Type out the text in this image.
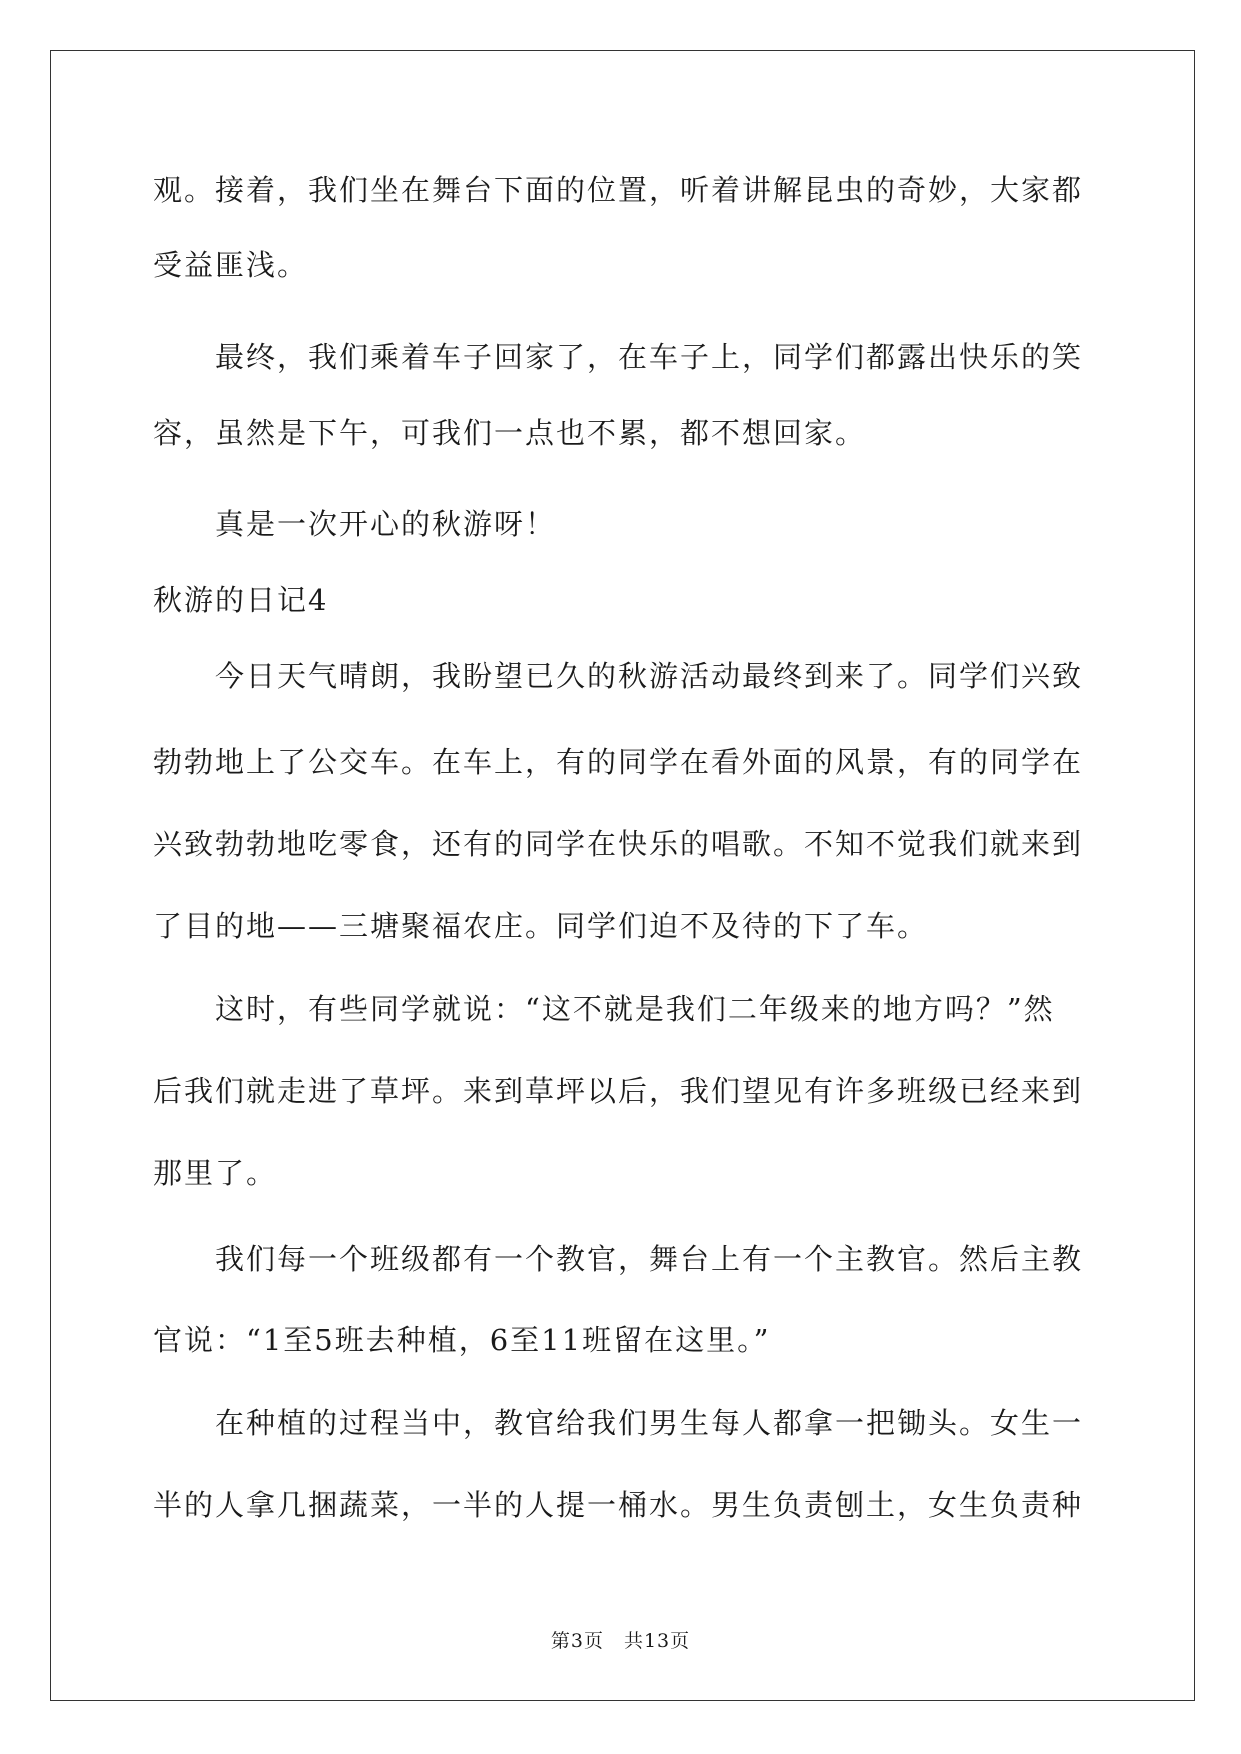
观。接着，我们坐在舞台下面的位置，听着讲解昆虫的奇妙，大家都
受益匪浅。
　　最终，我们乘着车子回家了，在车子上，同学们都露出快乐的笑
容，虽然是下午，可我们一点也不累，都不想回家。
　　真是一次开心的秋游呀！
秋游的日记4
　　今日天气晴朗，我盼望已久的秋游活动最终到来了。同学们兴致
勃勃地上了公交车。在车上，有的同学在看外面的风景，有的同学在
兴致勃勃地吃零食，还有的同学在快乐的唱歌。不知不觉我们就来到
了目的地——三塘聚福农庄。同学们迫不及待的下了车。
　　这时，有些同学就说：“这不就是我们二年级来的地方吗？”然
后我们就走进了草坪。来到草坪以后，我们望见有许多班级已经来到
那里了。
　　我们每一个班级都有一个教官，舞台上有一个主教官。然后主教
官说：“1至5班去种植，6至11班留在这里。”
　　在种植的过程当中，教官给我们男生每人都拿一把锄头。女生一
半的人拿几捆蔬菜，一半的人提一桶水。男生负责刨土，女生负责种
第3页　共13页
